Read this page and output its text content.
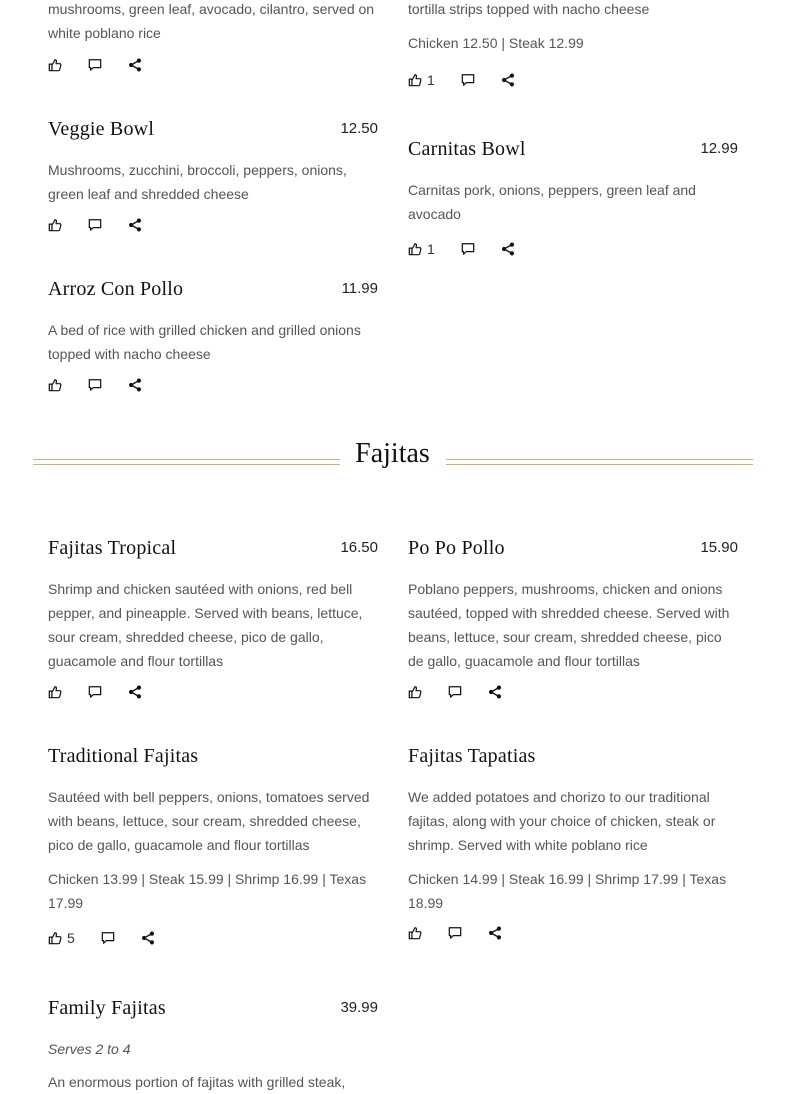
mushrooms, green leaf, avocado, cilantro, served on white poblano rice

tortilla strips topped with nacho cheese

Chicken 12.50 | Steak 12.99

1
Veggie Bowl	12.50

Mushrooms, zucchini, broccoli, peppers, onions, green leaf and shredded cheese

Carnitas Bowl	12.99

Carnitas pork, onions, peppers, green leaf and avocado

1
Arroz Con Pollo	11.99

A bed of rice with grilled chicken and grilled onions topped with nacho cheese

Fajitas
Fajitas Tropical	16.50

Shrimp and chicken sautéed with onions, red bell pepper, and pineapple. Served with beans, lettuce, sour cream, shredded cheese, pico de gallo, guacamole and flour tortillas

Po Po Pollo	15.90

Poblano peppers, mushrooms, chicken and onions sautéed, topped with shredded cheese. Served with beans, lettuce, sour cream, shredded cheese, pico de gallo, guacamole and flour tortillas

Traditional Fajitas

Sautéed with bell peppers, onions, tomatoes served with beans, lettuce, sour cream, shredded cheese, pico de gallo, guacamole and flour tortillas

Chicken 13.99 | Steak 15.99 | Shrimp 16.99 | Texas 17.99

5
Fajitas Tapatias

We added potatoes and chorizo to our traditional fajitas, along with your choice of chicken, steak or shrimp. Served with white poblano rice

Chicken 14.99 | Steak 16.99 | Shrimp 17.99 | Texas 18.99

Family Fajitas	39.99

Serves 2 to 4

An enormous portion of fajitas with grilled steak,
